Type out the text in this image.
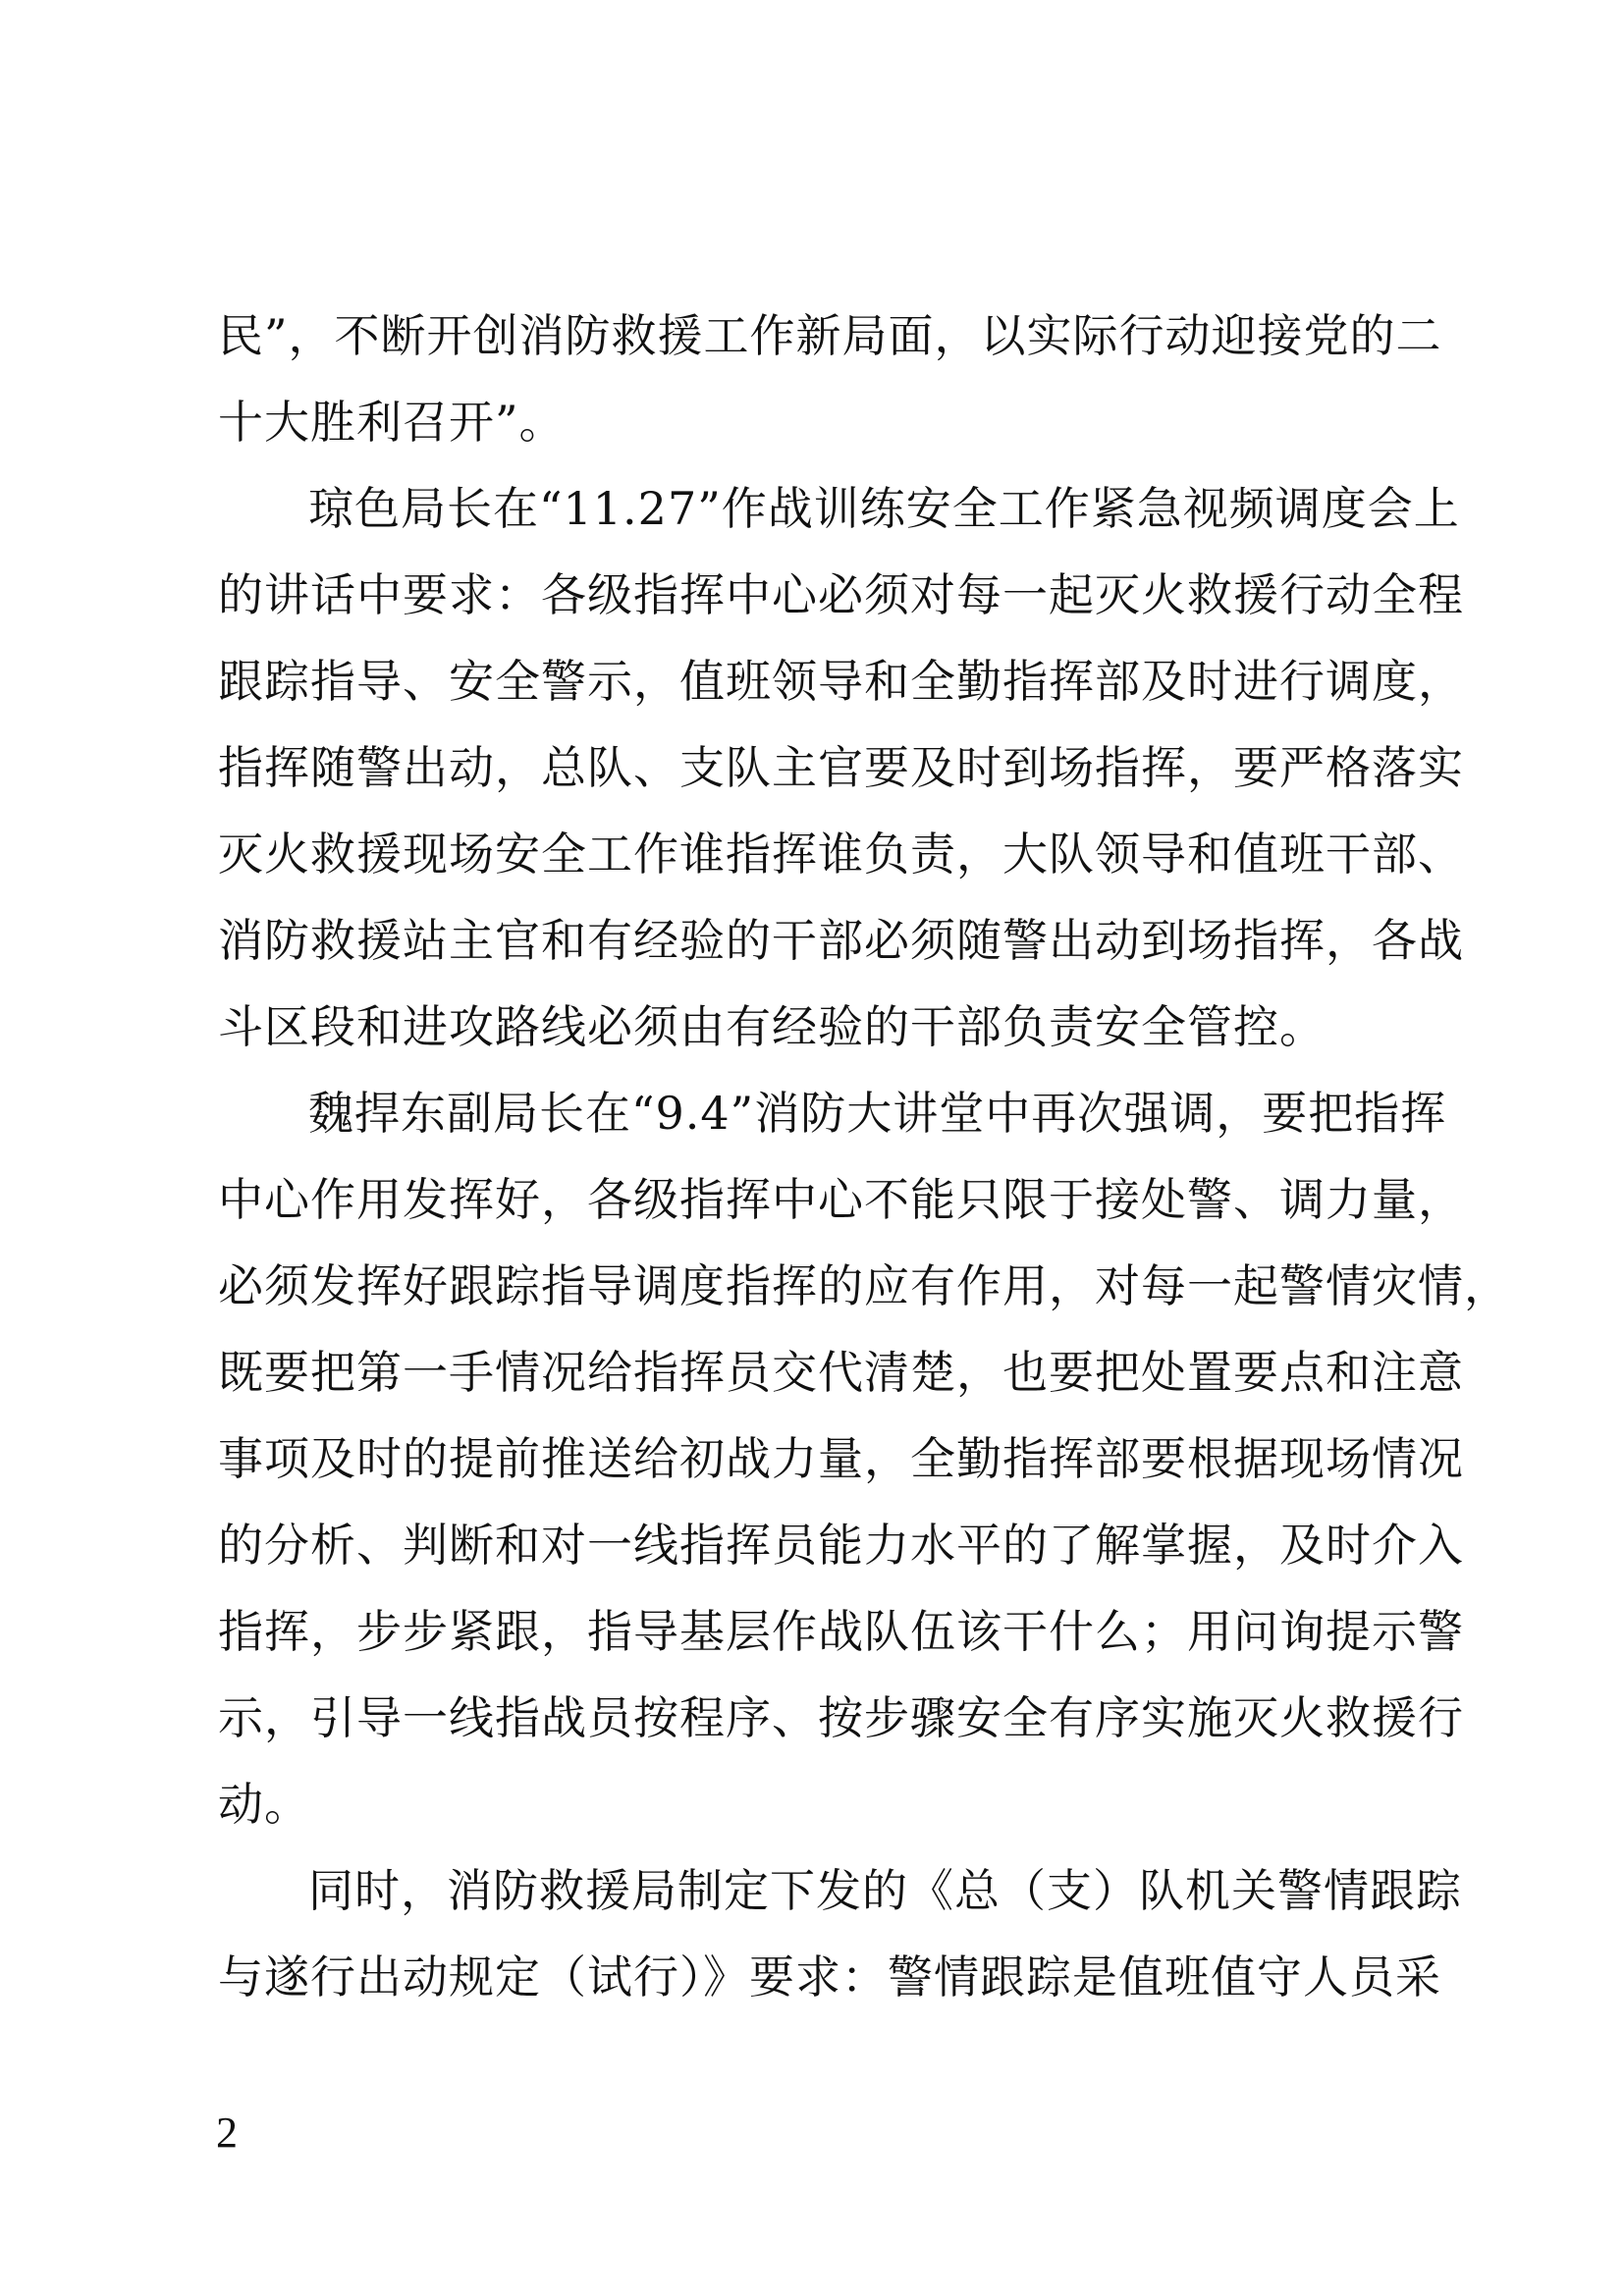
民”，不断开创消防救援工作新局面，以实际行动迎接党的二
十大胜利召开”。
琼色局长在“11.27”作战训练安全工作紧急视频调度会上
的讲话中要求：各级指挥中心必须对每一起灭火救援行动全程
跟踪指导、安全警示，值班领导和全勤指挥部及时进行调度，
指挥随警出动，总队、支队主官要及时到场指挥，要严格落实
灭火救援现场安全工作谁指挥谁负责，大队领导和值班干部、
消防救援站主官和有经验的干部必须随警出动到场指挥，各战
斗区段和进攻路线必须由有经验的干部负责安全管控。
魏捍东副局长在“9.4”消防大讲堂中再次强调，要把指挥
中心作用发挥好，各级指挥中心不能只限于接处警、调力量，
必须发挥好跟踪指导调度指挥的应有作用，对每一起警情灾情，
既要把第一手情况给指挥员交代清楚，也要把处置要点和注意
事项及时的提前推送给初战力量，全勤指挥部要根据现场情况
的分析、判断和对一线指挥员能力水平的了解掌握，及时介入
指挥，步步紧跟，指导基层作战队伍该干什么；用问询提示警
示，引导一线指战员按程序、按步骤安全有序实施灭火救援行
动。
同时，消防救援局制定下发的《总（支）队机关警情跟踪
与遂行出动规定（试行）》要求：警情跟踪是值班值守人员采
2
